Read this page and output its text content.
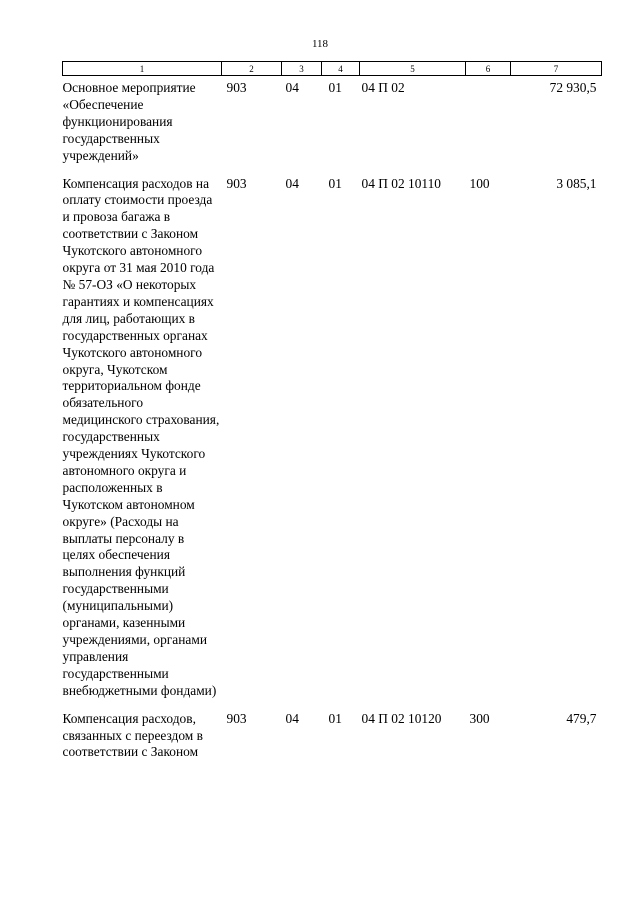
118
1	2	3	4	5	6	7
Основное мероприятие «Обеспечение функционирования государственных учреждений»	903	04	01	04 П 02		72 930,5
Компенсация расходов на оплату стоимости проезда и провоза багажа в соответствии с Законом Чукотского автономного округа от 31 мая 2010 года № 57-ОЗ «О некоторых гарантиях и компенсациях для лиц, работающих в государственных органах Чукотского автономного округа, Чукотском территориальном фонде обязательного медицинского страхования, государственных учреждениях Чукотского автономного округа и расположенных в Чукотском автономном округе» (Расходы на выплаты персоналу в целях обеспечения выполнения функций государственными (муниципальными) органами, казенными учреждениями, органами управления государственными внебюджетными фондами)	903	04	01	04 П 02 10110	100	3 085,1
Компенсация расходов, связанных с переездом в соответствии с Законом	903	04	01	04 П 02 10120	300	479,7
